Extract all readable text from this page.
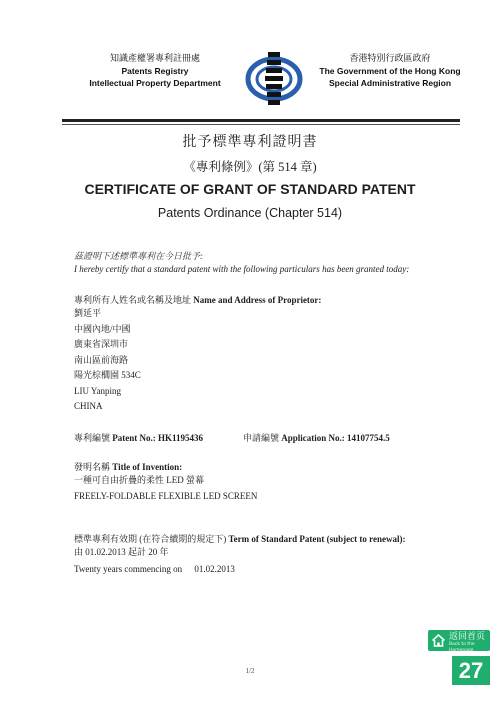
知識產權署專利註冊處
Patents Registry
Intellectual Property Department
香港特別行政區政府
The Government of the Hong Kong
Special Administrative Region
批予標準專利證明書
《專利條例》(第 514 章)
CERTIFICATE OF GRANT OF STANDARD PATENT
Patents Ordinance (Chapter 514)
茲證明下述標準專利在今日批予:
I hereby certify that a standard patent with the following particulars has been granted today:
專利所有人姓名或名稱及地址 Name and Address of Proprietor:
劉延平
中國內地/中國
廣東省深圳市
南山區前海路
陽光棕櫚園 534C
LIU Yanping
CHINA
專利編號 Patent No.: HK1195436	申請編號 Application No.: 14107754.5
發明名稱 Title of Invention:
一種可自由折疊的柔性 LED 螢幕
FREELY-FOLDABLE FLEXIBLE LED SCREEN
標準專利有效期 (在符合續期的規定下) Term of Standard Patent (subject to renewal):
由 01.02.2013 起計 20 年
Twenty years commencing on 01.02.2013
1/2
返回首页
Back to the Homepage
27
